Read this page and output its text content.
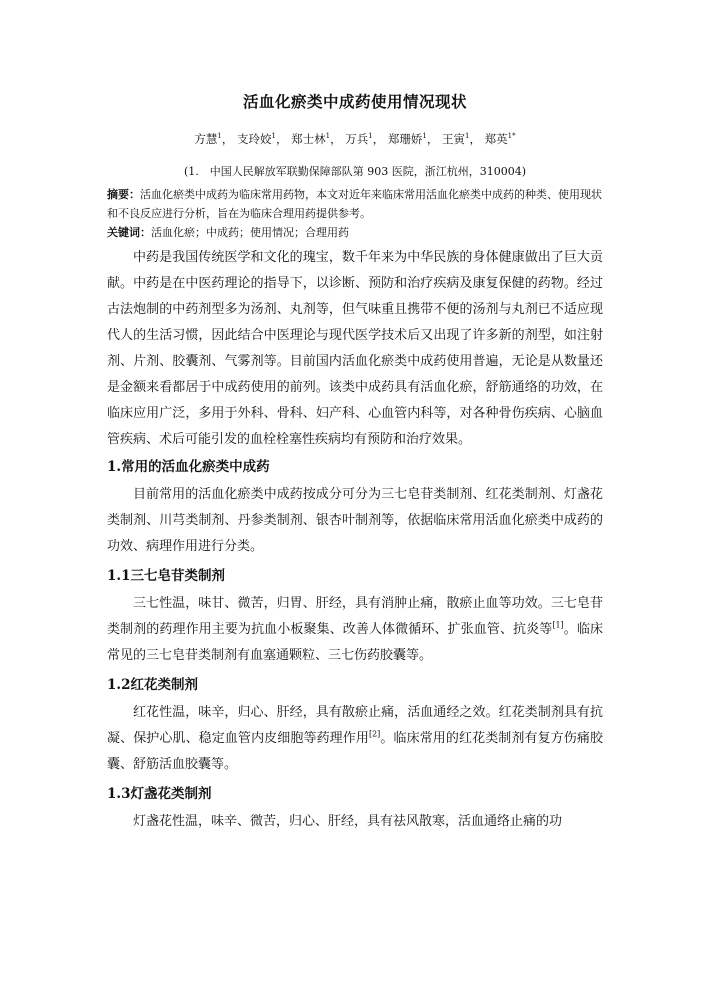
活血化瘀类中成药使用情况现状

方慧$^1$， 支玲姣$^1$， 郑士林$^1$， 万兵$^1$， 郑珊娇$^1$， 王寅$^1$， 郑英$^{1*}$

(1.　中国人民解放军联勤保障部队第 903 医院，浙江杭州，310004)

摘要：活血化瘀类中成药为临床常用药物，本文对近年来临床常用活血化瘀类中成药的种类、使用现状和不良反应进行分析，旨在为临床合理用药提供参考。

关键词：活血化瘀；中成药；使用情况；合理用药

中药是我国传统医学和文化的瑰宝，数千年来为中华民族的身体健康做出了巨大贡献。中药是在中医药理论的指导下，以诊断、预防和治疗疾病及康复保健的药物。经过古法炮制的中药剂型多为汤剂、丸剂等，但气味重且携带不便的汤剂与丸剂已不适应现代人的生活习惯，因此结合中医理论与现代医学技术后又出现了许多新的剂型，如注射剂、片剂、胶囊剂、气雾剂等。目前国内活血化瘀类中成药使用普遍，无论是从数量还是金额来看都居于中成药使用的前列。该类中成药具有活血化瘀，舒筋通络的功效，在临床应用广泛，多用于外科、骨科、妇产科、心血管内科等，对各种骨伤疾病、心脑血管疾病、术后可能引发的血栓栓塞性疾病均有预防和治疗效果。

1.常用的活血化瘀类中成药

目前常用的活血化瘀类中成药按成分可分为三七皂苷类制剂、红花类制剂、灯盏花类制剂、川芎类制剂、丹参类制剂、银杏叶制剂等，依据临床常用活血化瘀类中成药的功效、病理作用进行分类。

1.1三七皂苷类制剂

三七性温，味甘、微苦，归胃、肝经，具有消肿止痛，散瘀止血等功效。三七皂苷类制剂的药理作用主要为抗血小板聚集、改善人体微循环、扩张血管、抗炎等[1]。临床常见的三七皂苷类制剂有血塞通颗粒、三七伤药胶囊等。

1.2红花类制剂

红花性温，味辛，归心、肝经，具有散瘀止痛，活血通经之效。红花类制剂具有抗凝、保护心肌、稳定血管内皮细胞等药理作用[2]。临床常用的红花类制剂有复方伤痛胶囊、舒筋活血胶囊等。

1.3灯盏花类制剂

灯盏花性温，味辛、微苦，归心、肝经，具有祛风散寒，活血通络止痛的功
